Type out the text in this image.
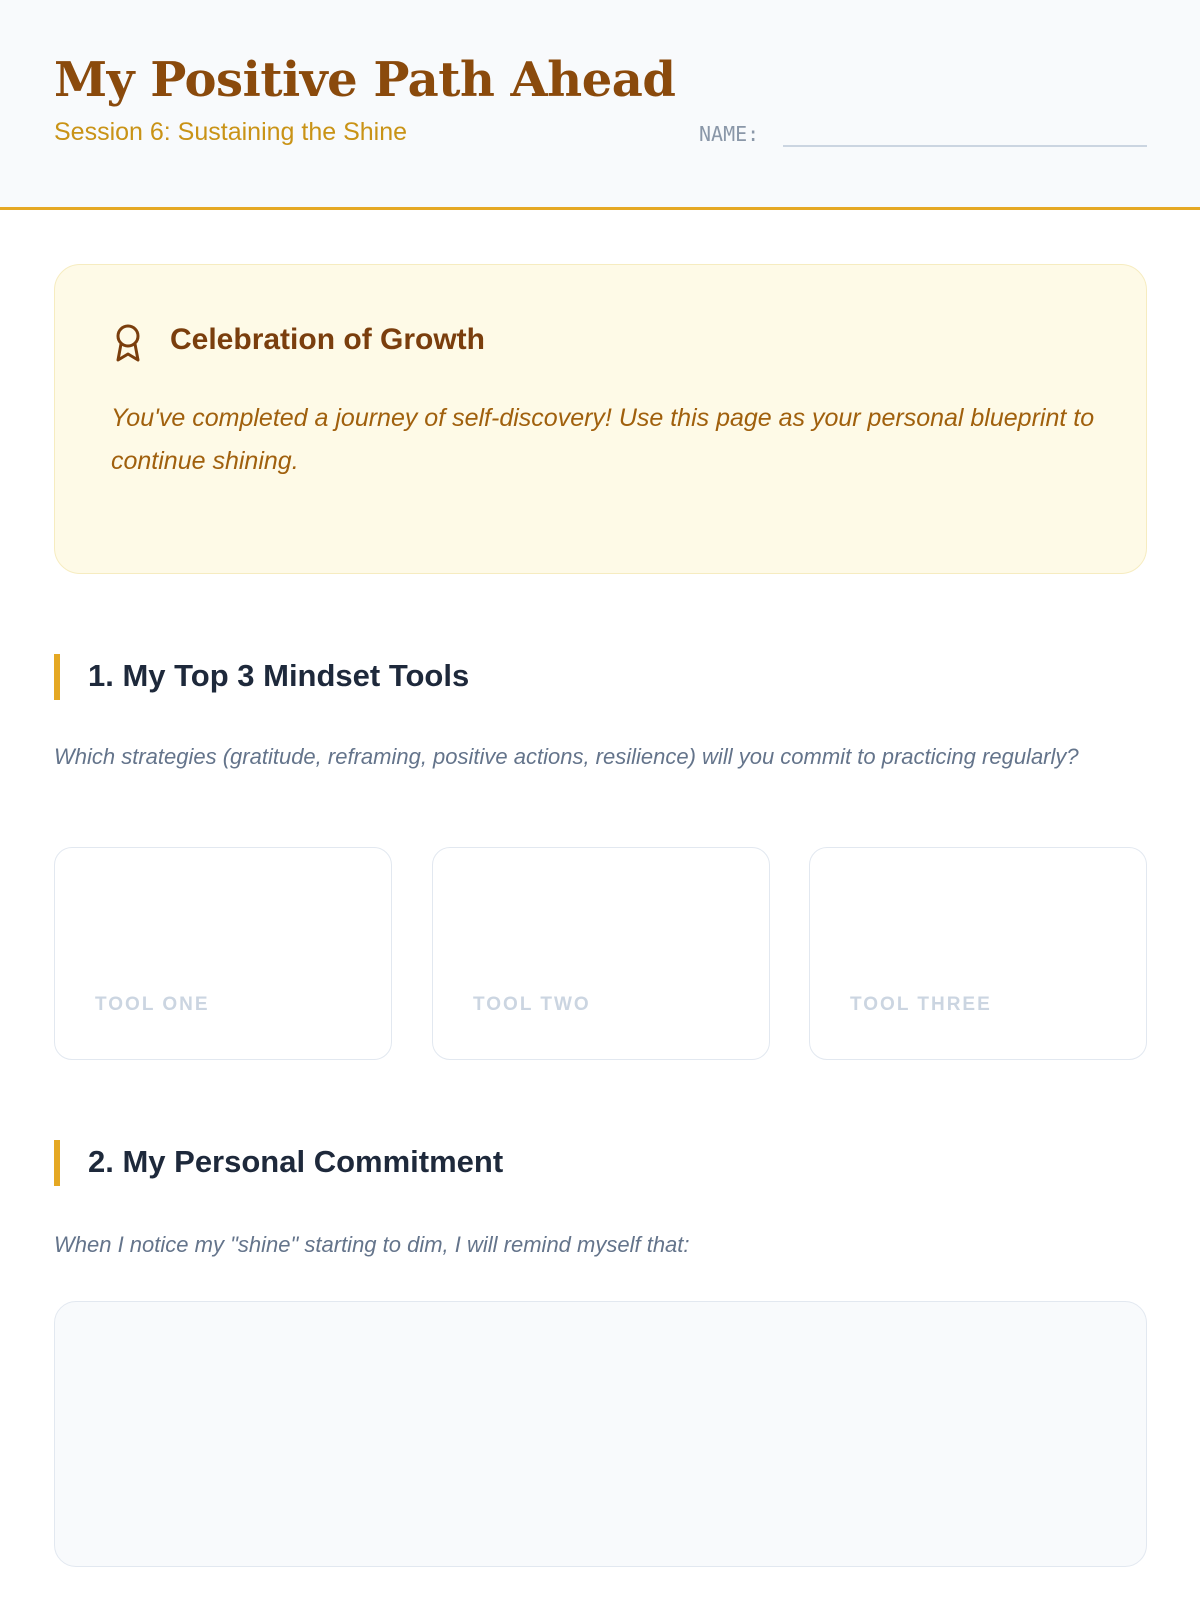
My Positive Path Ahead
Session 6: Sustaining the Shine	NAME:
Celebration of Growth
You've completed a journey of self-discovery! Use this page as your personal blueprint to continue shining.
1. My Top 3 Mindset Tools
Which strategies (gratitude, reframing, positive actions, resilience) will you commit to practicing regularly?
TOOL ONE	TOOL TWO	TOOL THREE
2. My Personal Commitment
When I notice my "shine" starting to dim, I will remind myself that:
